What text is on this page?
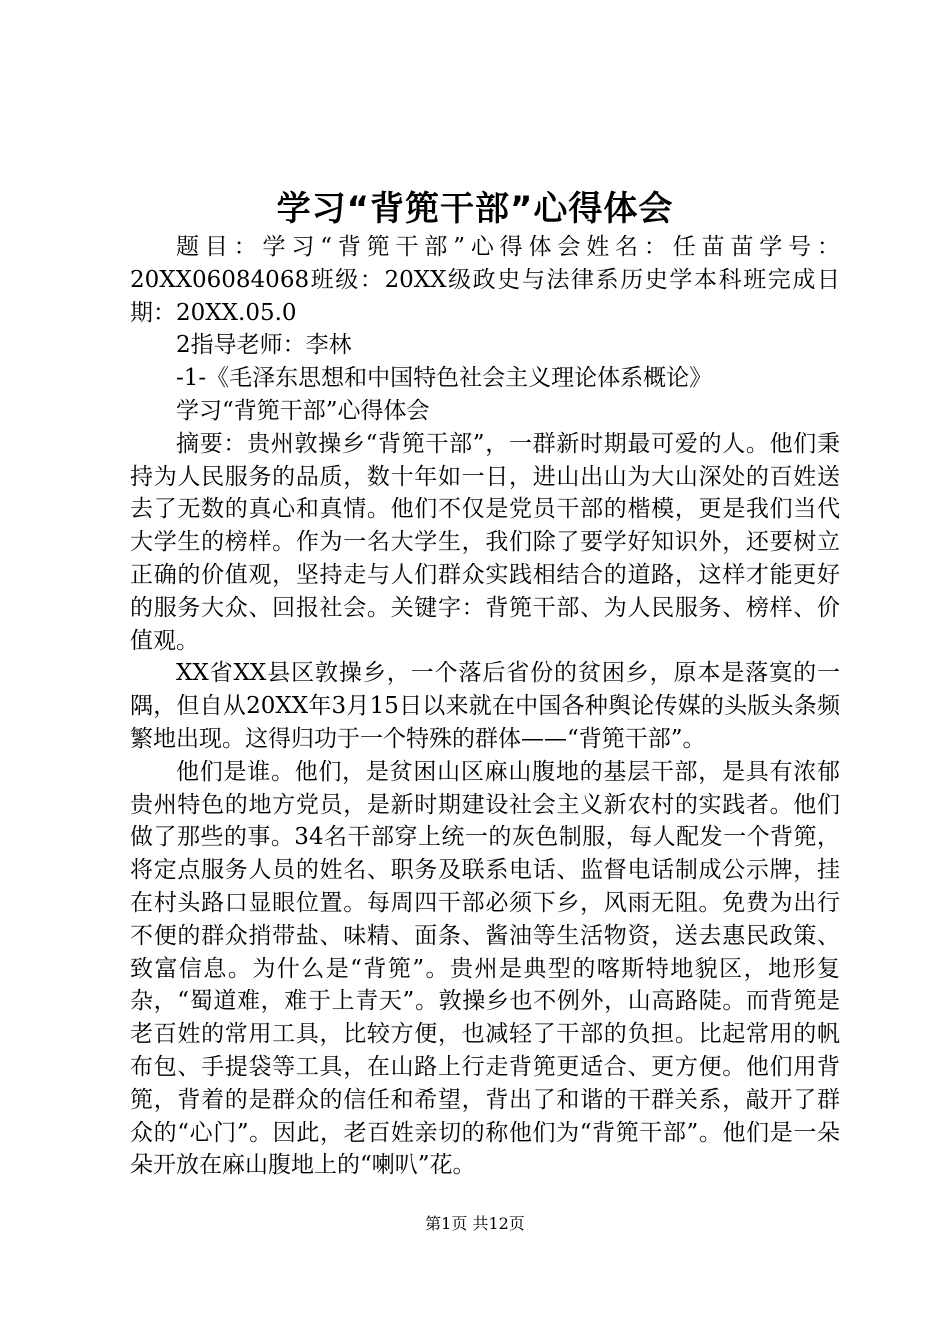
学习“背篼干部”心得体会

题目：学习“背篼干部”心得体会姓名：任苗苗学号：20XX06084068班级：20XX级政史与法律系历史学本科班完成日期：20XX.05.0

2指导老师：李林

-1-《毛泽东思想和中国特色社会主义理论体系概论》

学习“背篼干部”心得体会

摘要：贵州敦操乡“背篼干部”，一群新时期最可爱的人。他们秉持为人民服务的品质，数十年如一日，进山出山为大山深处的百姓送去了无数的真心和真情。他们不仅是党员干部的楷模，更是我们当代大学生的榜样。作为一名大学生，我们除了要学好知识外，还要树立正确的价值观，坚持走与人们群众实践相结合的道路，这样才能更好的服务大众、回报社会。关键字：背篼干部、为人民服务、榜样、价值观。

XX省XX县区敦操乡，一个落后省份的贫困乡，原本是落寞的一隅，但自从20XX年3月15日以来就在中国各种舆论传媒的头版头条频繁地出现。这得归功于一个特殊的群体——“背篼干部”。

他们是谁。他们，是贫困山区麻山腹地的基层干部，是具有浓郁贵州特色的地方党员，是新时期建设社会主义新农村的实践者。他们做了那些的事。34名干部穿上统一的灰色制服，每人配发一个背篼，将定点服务人员的姓名、职务及联系电话、监督电话制成公示牌，挂在村头路口显眼位置。每周四干部必须下乡，风雨无阻。免费为出行不便的群众捎带盐、味精、面条、酱油等生活物资，送去惠民政策、致富信息。为什么是“背篼”。贵州是典型的喀斯特地貌区，地形复杂，“蜀道难，难于上青天”。敦操乡也不例外，山高路陡。而背篼是老百姓的常用工具，比较方便，也减轻了干部的负担。比起常用的帆布包、手提袋等工具，在山路上行走背篼更适合、更方便。他们用背篼，背着的是群众的信任和希望，背出了和谐的干群关系，敲开了群众的“心门”。因此，老百姓亲切的称他们为“背篼干部”。他们是一朵朵开放在麻山腹地上的“喇叭”花。

第1页 共12页
